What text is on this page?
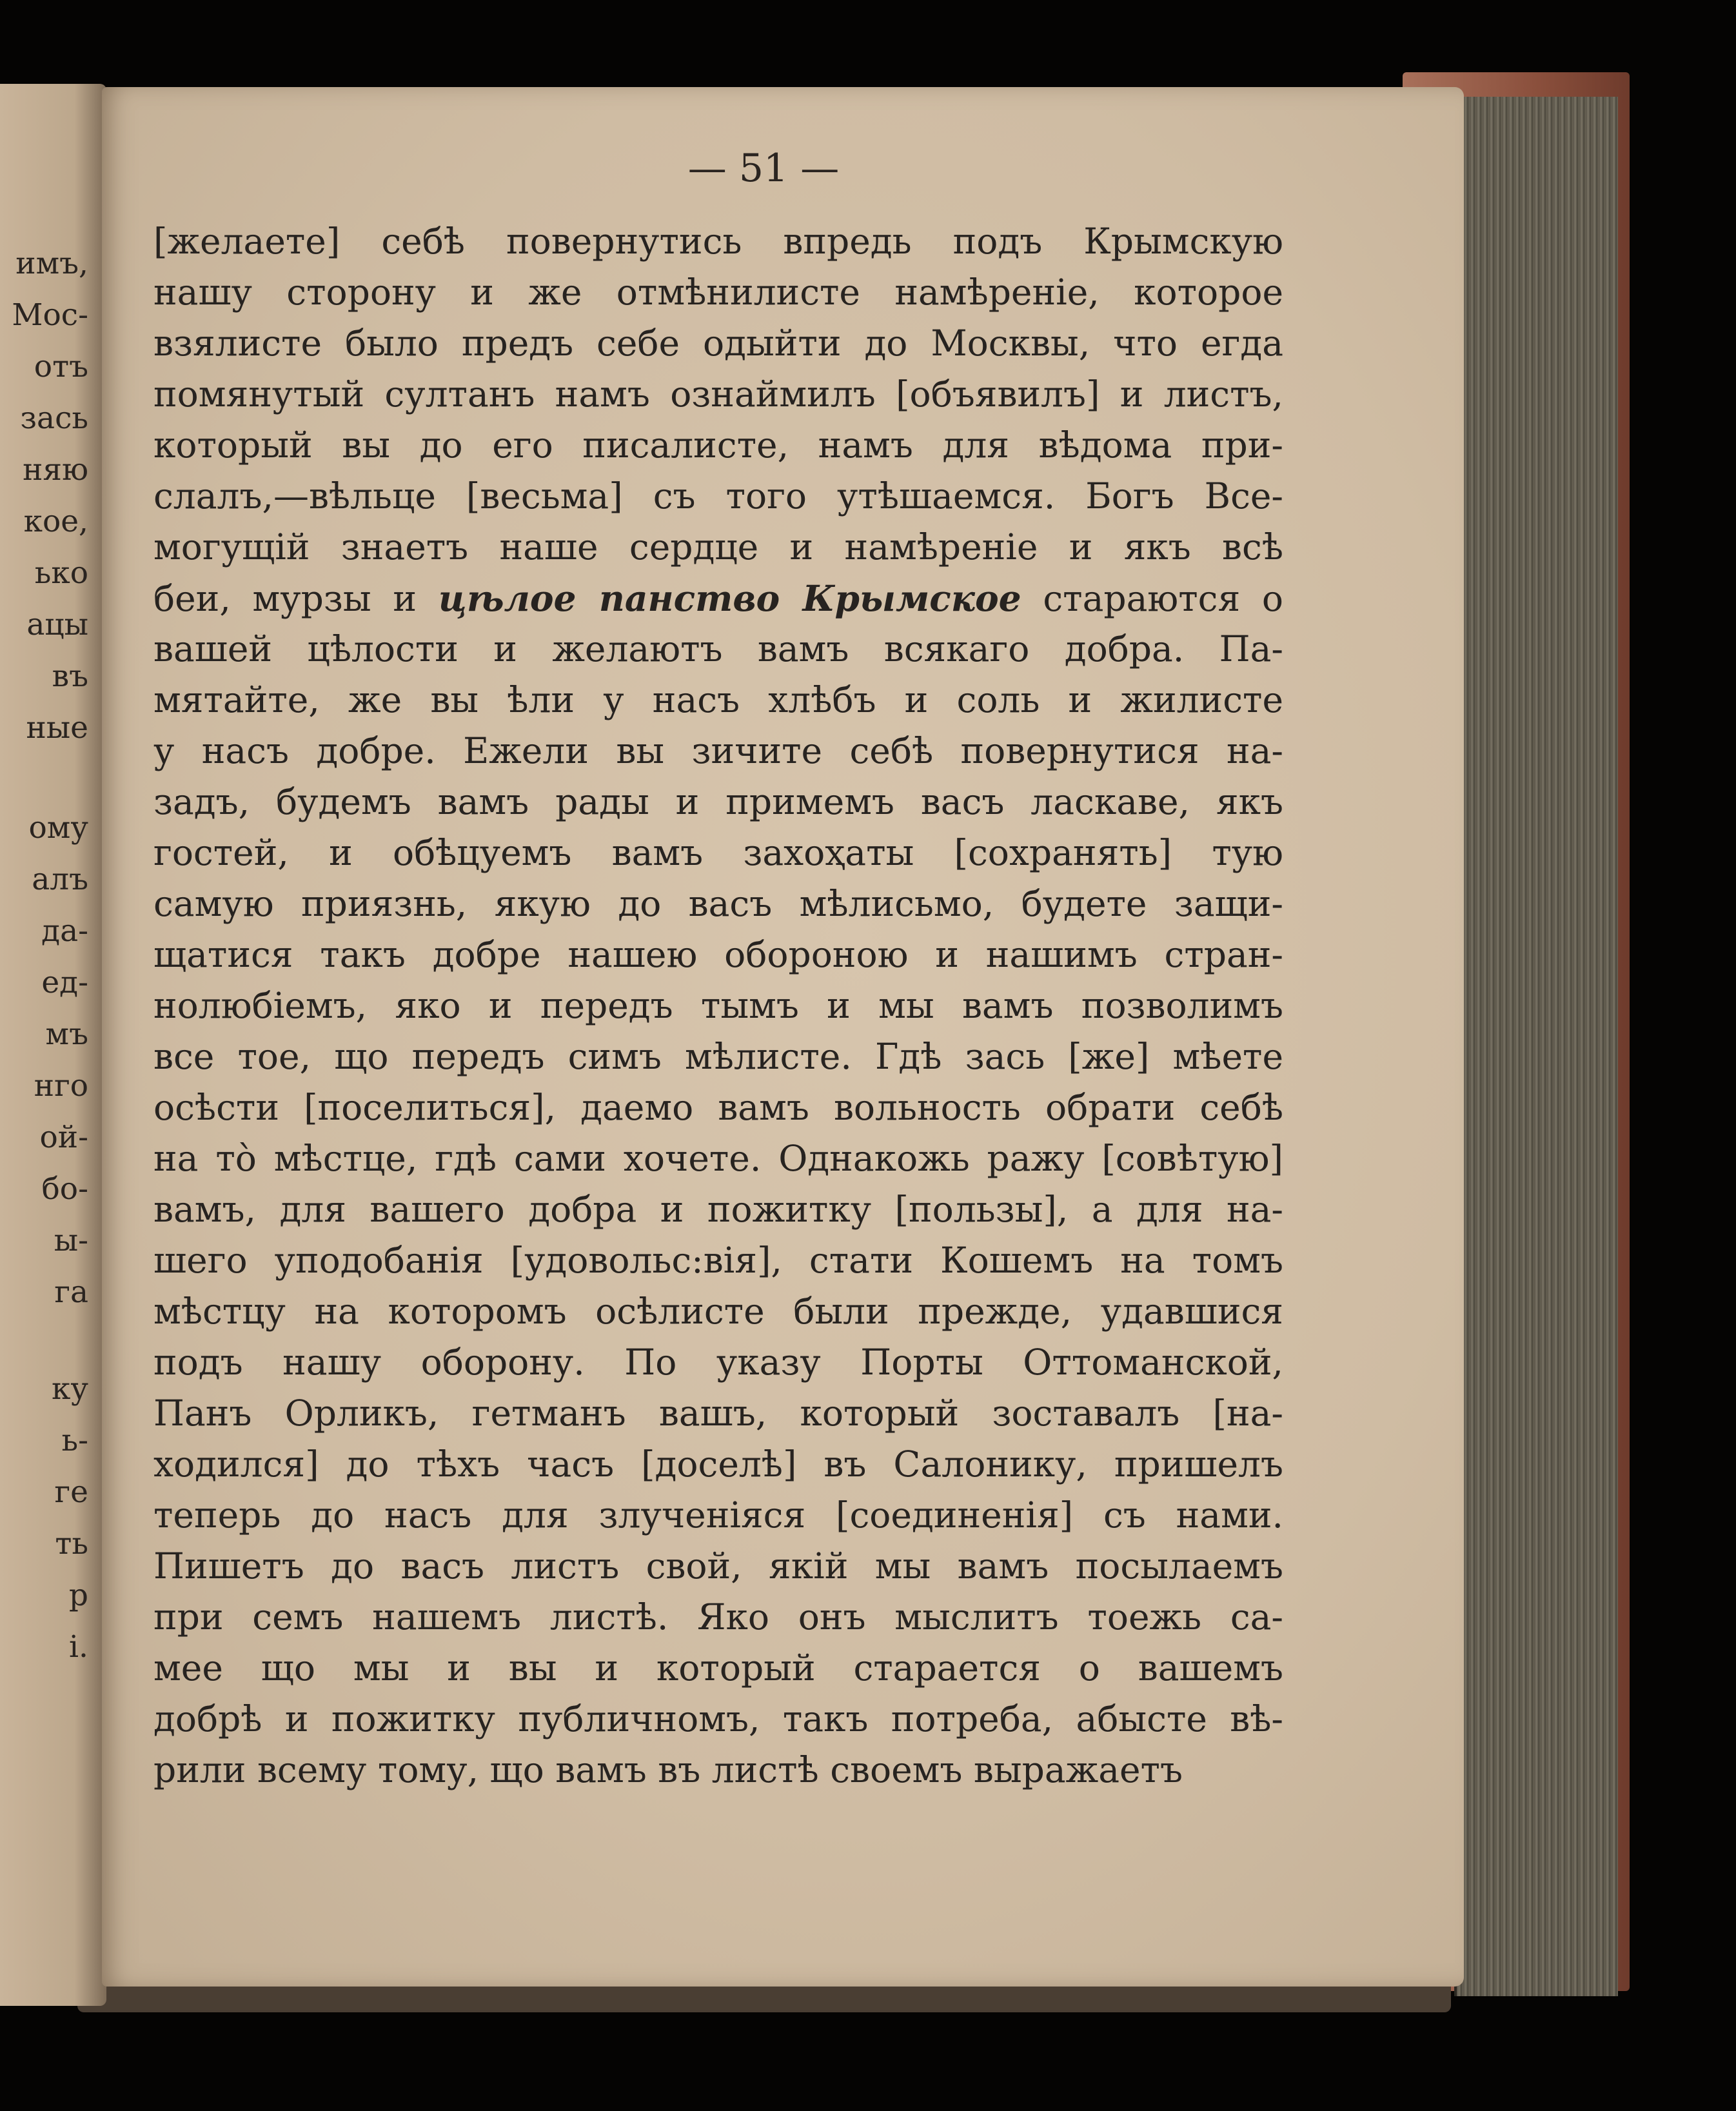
имъ,
Мос-
отъ
зась
няю
кое,
ько
ацы
въ
ные
ому
алъ
да-
ед-
мъ
нго
ой-
бо-
ы-
га
ку
ь-
ге
ть
р
і.
— 51 —
[желаете] себѣ повернутись впредь подъ Крымскую
нашу сторону и же отмѣнилисте намѣреніе, которое
взялисте было предъ себе одыйти до Москвы, что егда
помянутый султанъ намъ ознаймилъ [объявилъ] и листъ,
который вы до его писалисте, намъ для вѣдома при-
слалъ,—вѣльце [весьма] съ того утѣшаемся. Богъ Все-
могущій знаетъ наше сердце и намѣреніе и якъ всѣ
беи, мурзы и цѣлое панство Крымское стараются о
вашей цѣлости и желаютъ вамъ всякаго добра. Па-
мятайте, же вы ѣли у насъ хлѣбъ и соль и жилисте
у насъ добре. Ежели вы зичите себѣ повернутися на-
задъ, будемъ вамъ рады и примемъ васъ ласкаве, якъ
гостей, и обѣцуемъ вамъ захоҳаты [сохранять] тую
самую приязнь, якую до васъ мѣлисьмо, будете защи-
щатися такъ добре нашею обороною и нашимъ стран-
нолюбіемъ, яко и передъ тымъ и мы вамъ позволимъ
все тое, що передъ симъ мѣлисте. Гдѣ зась [же] мѣете
осѣсти [поселиться], даемо вамъ вольность обрати себѣ
на тò мѣстце, гдѣ сами хочете. Однакожь ражу [совѣтую]
вамъ, для вашего добра и пожитку [пользы], а для на-
шего уподобанія [удовольс:вія], стати Кошемъ на томъ
мѣстцу на которомъ осѣлисте были прежде, удавшися
подъ нашу оборону. По указу Порты Оттоманской,
Панъ Орликъ, гетманъ вашъ, который зоставалъ [на-
ходился] до тѣхъ часъ [доселѣ] въ Салонику, пришелъ
теперь до насъ для злученіяся [соединенія] съ нами.
Пишетъ до васъ листъ свой, якій мы вамъ посылаемъ
при семъ нашемъ листѣ. Яко онъ мыслитъ тоежь са-
мее що мы и вы и который старается о вашемъ
добрѣ и пожитку публичномъ, такъ потреба, абысте вѣ-
рили всему тому, що вамъ въ листѣ своемъ выражаетъ
